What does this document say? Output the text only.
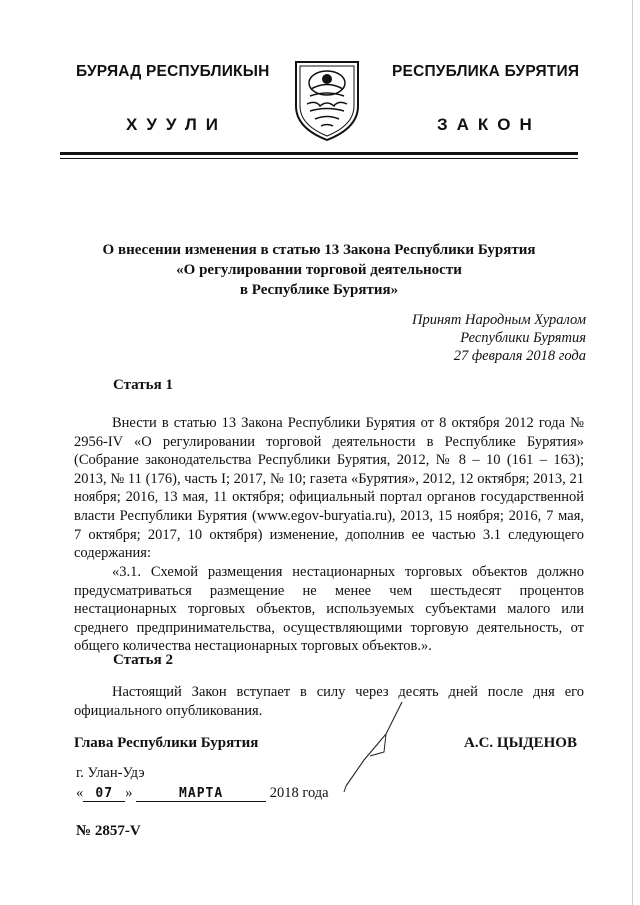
БУРЯАД РЕСПУБЛИКЫН
ХУУЛИ
РЕСПУБЛИКА БУРЯТИЯ
ЗАКОН
О внесении изменения в статью 13 Закона Республики Бурятия
«О регулировании торговой деятельности
в Республике Бурятия»
Принят Народным Хуралом
Республики Бурятия
27 февраля 2018 года
Статья 1
Внести в статью 13 Закона Республики Бурятия от 8 октября 2012 года № 2956-IV «О регулировании торговой деятельности в Республике Бурятия» (Собрание законодательства Республики Бурятия, 2012, № 8 – 10 (161 – 163); 2013, № 11 (176), часть I; 2017, № 10; газета «Бурятия», 2012, 12 октября; 2013, 21 ноября; 2016, 13 мая, 11 октября; официальный портал органов государственной власти Республики Бурятия (www.egov-buryatia.ru), 2013, 15 ноября; 2016, 7 мая, 7 октября; 2017, 10 октября) изменение, дополнив ее частью 3.1 следующего содержания:
«3.1. Схемой размещения нестационарных торговых объектов должно предусматриваться размещение не менее чем шестьдесят процентов нестационарных торговых объектов, используемых субъектами малого или среднего предпринимательства, осуществляющими торговую деятельность, от общего количества нестационарных торговых объектов.».
Статья 2
Настоящий Закон вступает в силу через десять дней после дня его официального опубликования.
Глава Республики Бурятия	А.С. ЦЫДЕНОВ
г. Улан-Удэ
« 07 »	МАРТА	2018 года
№ 2857-V
